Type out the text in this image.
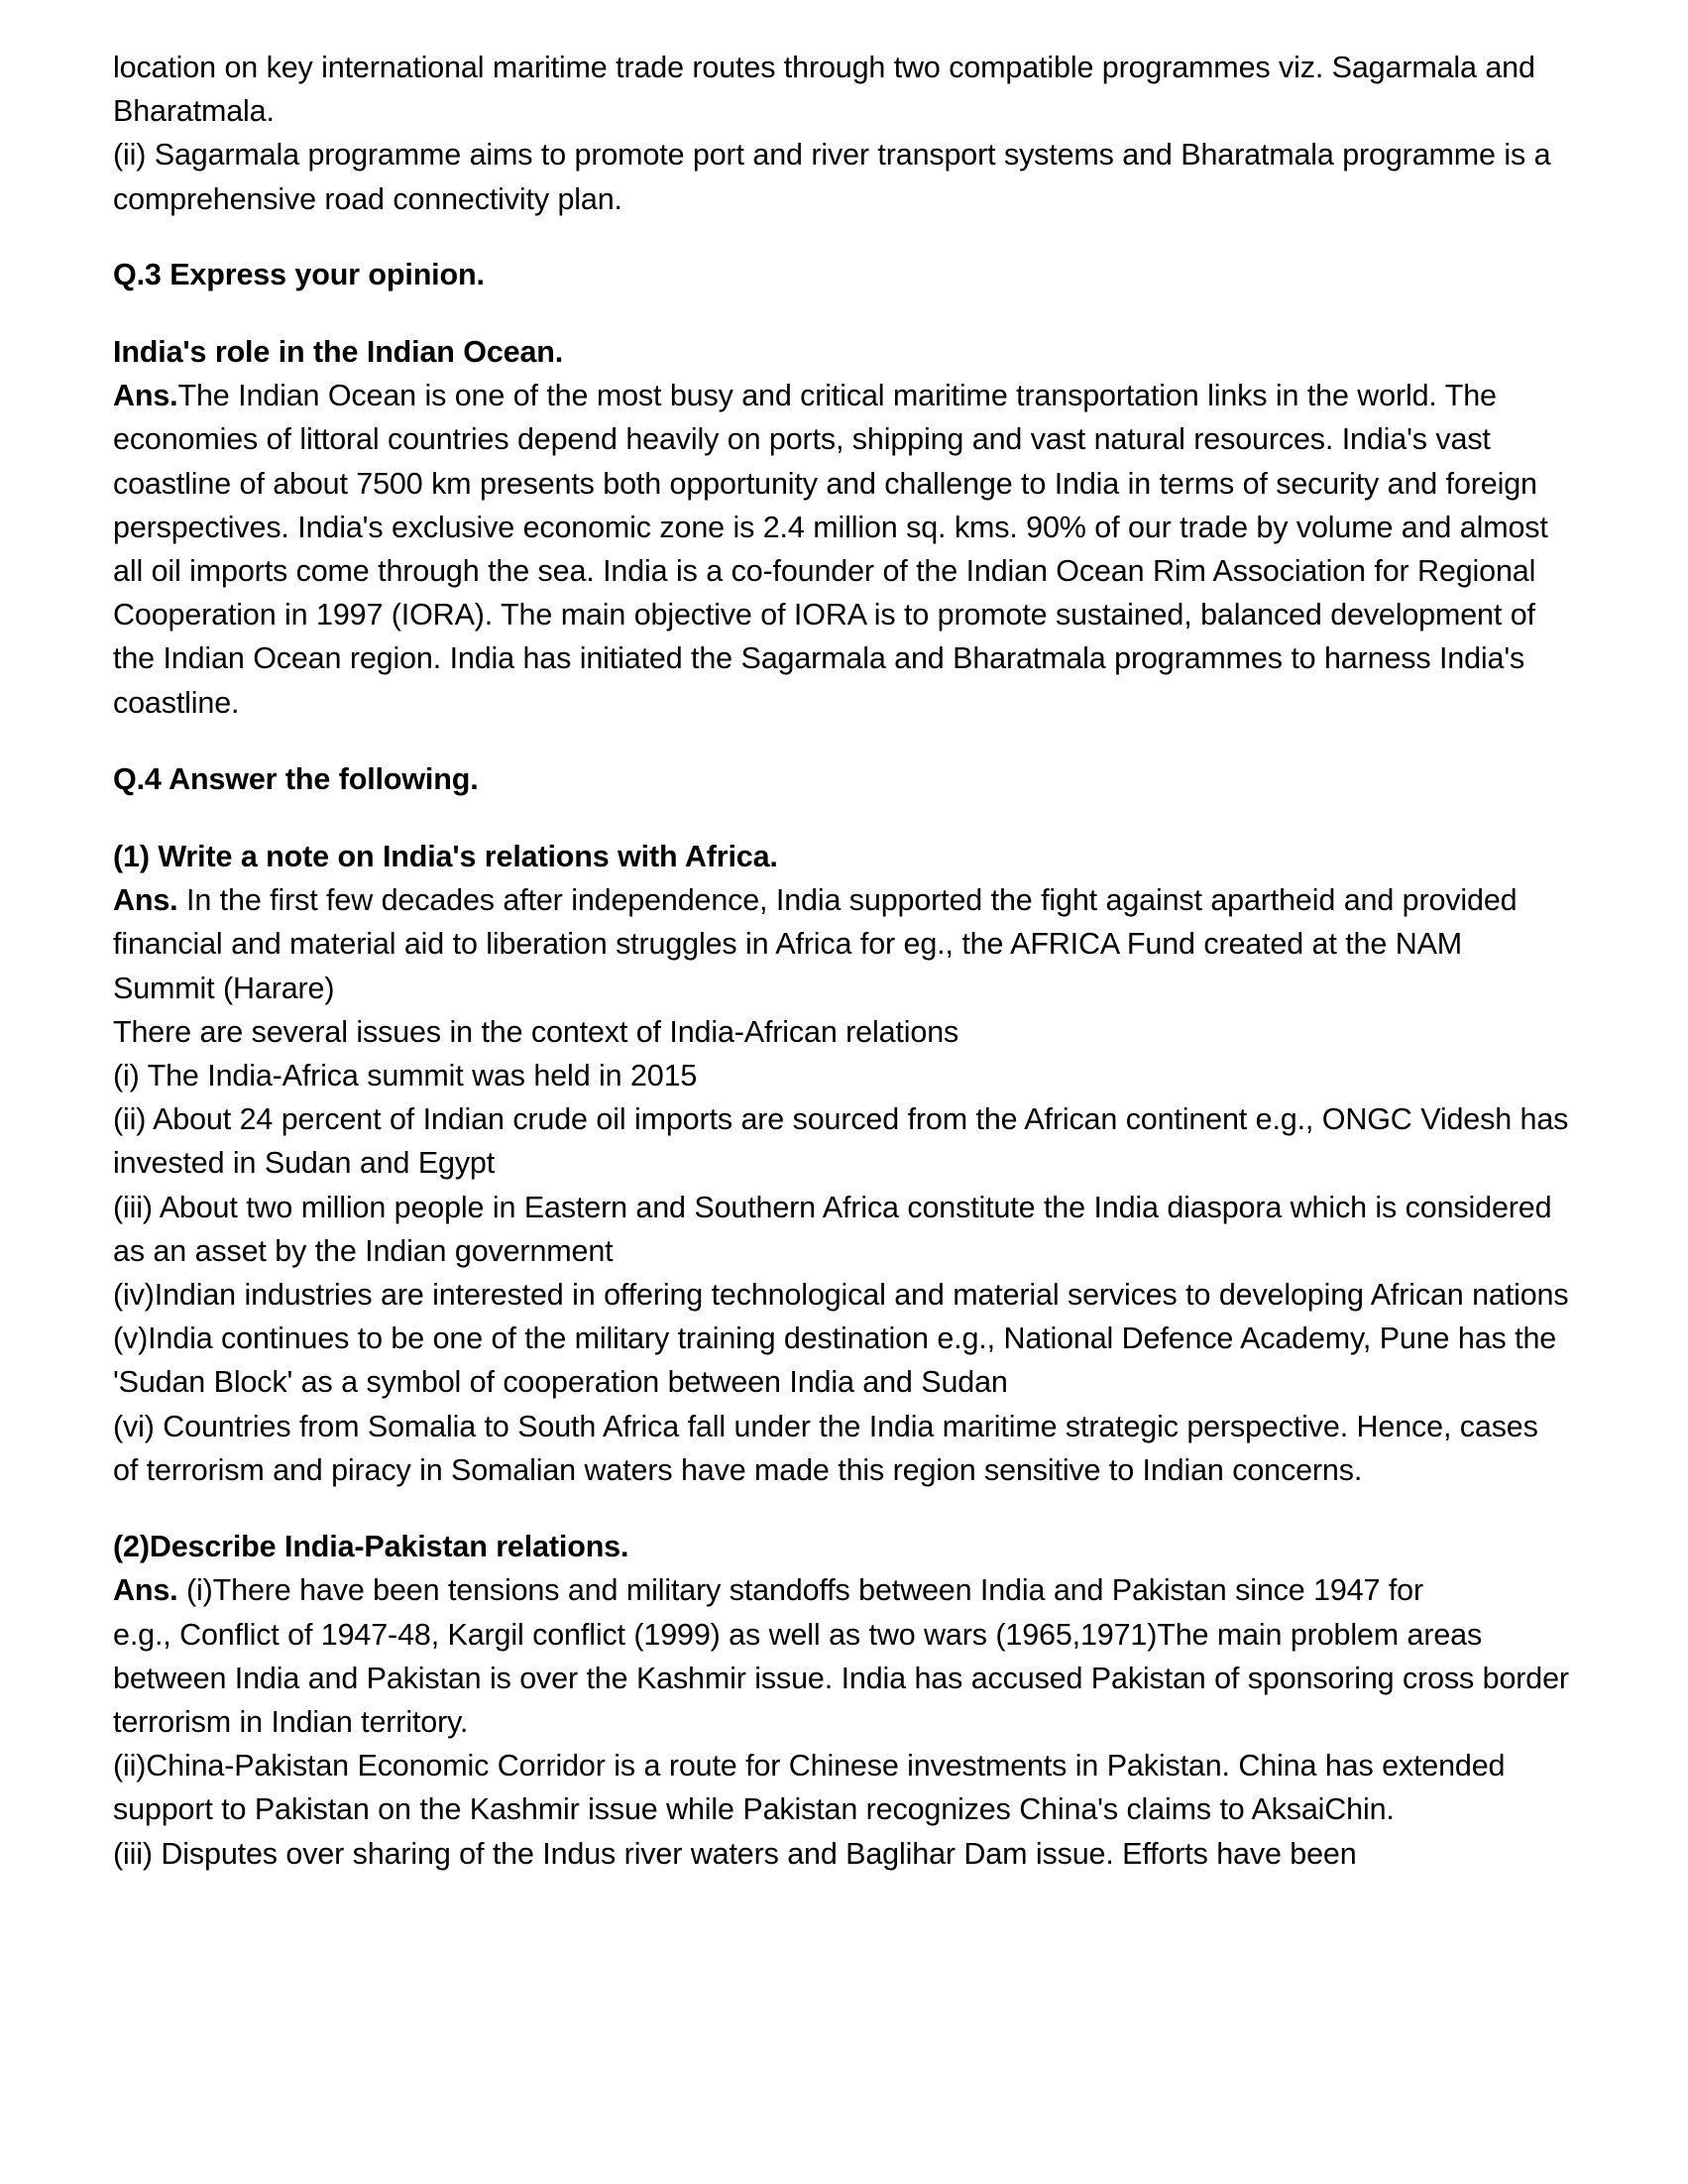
location on key international maritime trade routes through two compatible programmes viz. Sagarmala and Bharatmala.

(ii) Sagarmala programme aims to promote port and river transport systems and Bharatmala programme is a comprehensive road connectivity plan.

Q.3 Express your opinion.

India's role in the Indian Ocean.

Ans.The Indian Ocean is one of the most busy and critical maritime transportation links in the world. The economies of littoral countries depend heavily on ports, shipping and vast natural resources. India's vast coastline of about 7500 km presents both opportunity and challenge to India in terms of security and foreign perspectives. India's exclusive economic zone is 2.4 million sq. kms. 90% of our trade by volume and almost all oil imports come through the sea. India is a co-founder of the Indian Ocean Rim Association for Regional Cooperation in 1997 (IORA). The main objective of IORA is to promote sustained, balanced development of the Indian Ocean region. India has initiated the Sagarmala and Bharatmala programmes to harness India's coastline.

Q.4 Answer the following.

(1) Write a note on India's relations with Africa.

Ans. In the first few decades after independence, India supported the fight against apartheid and provided financial and material aid to liberation struggles in Africa for eg., the AFRICA Fund created at the NAM Summit (Harare)

There are several issues in the context of India-African relations

(i) The India-Africa summit was held in 2015

(ii) About 24 percent of Indian crude oil imports are sourced from the African continent e.g., ONGC Videsh has invested in Sudan and Egypt

(iii) About two million people in Eastern and Southern Africa constitute the India diaspora which is considered as an asset by the Indian government

(iv)Indian industries are interested in offering technological and material services to developing African nations

(v)India continues to be one of the military training destination e.g., National Defence Academy, Pune has the 'Sudan Block' as a symbol of cooperation between India and Sudan

(vi) Countries from Somalia to South Africa fall under the India maritime strategic perspective. Hence, cases of terrorism and piracy in Somalian waters have made this region sensitive to Indian concerns.

(2)Describe India-Pakistan relations.

Ans. (i)There have been tensions and military standoffs between India and Pakistan since 1947 for

e.g., Conflict of 1947-48, Kargil conflict (1999) as well as two wars (1965,1971)The main problem areas between India and Pakistan is over the Kashmir issue. India has accused Pakistan of sponsoring cross border terrorism in Indian territory.

(ii)China-Pakistan Economic Corridor is a route for Chinese investments in Pakistan. China has extended support to Pakistan on the Kashmir issue while Pakistan recognizes China's claims to AksaiChin.

(iii) Disputes over sharing of the Indus river waters and Baglihar Dam issue. Efforts have been
